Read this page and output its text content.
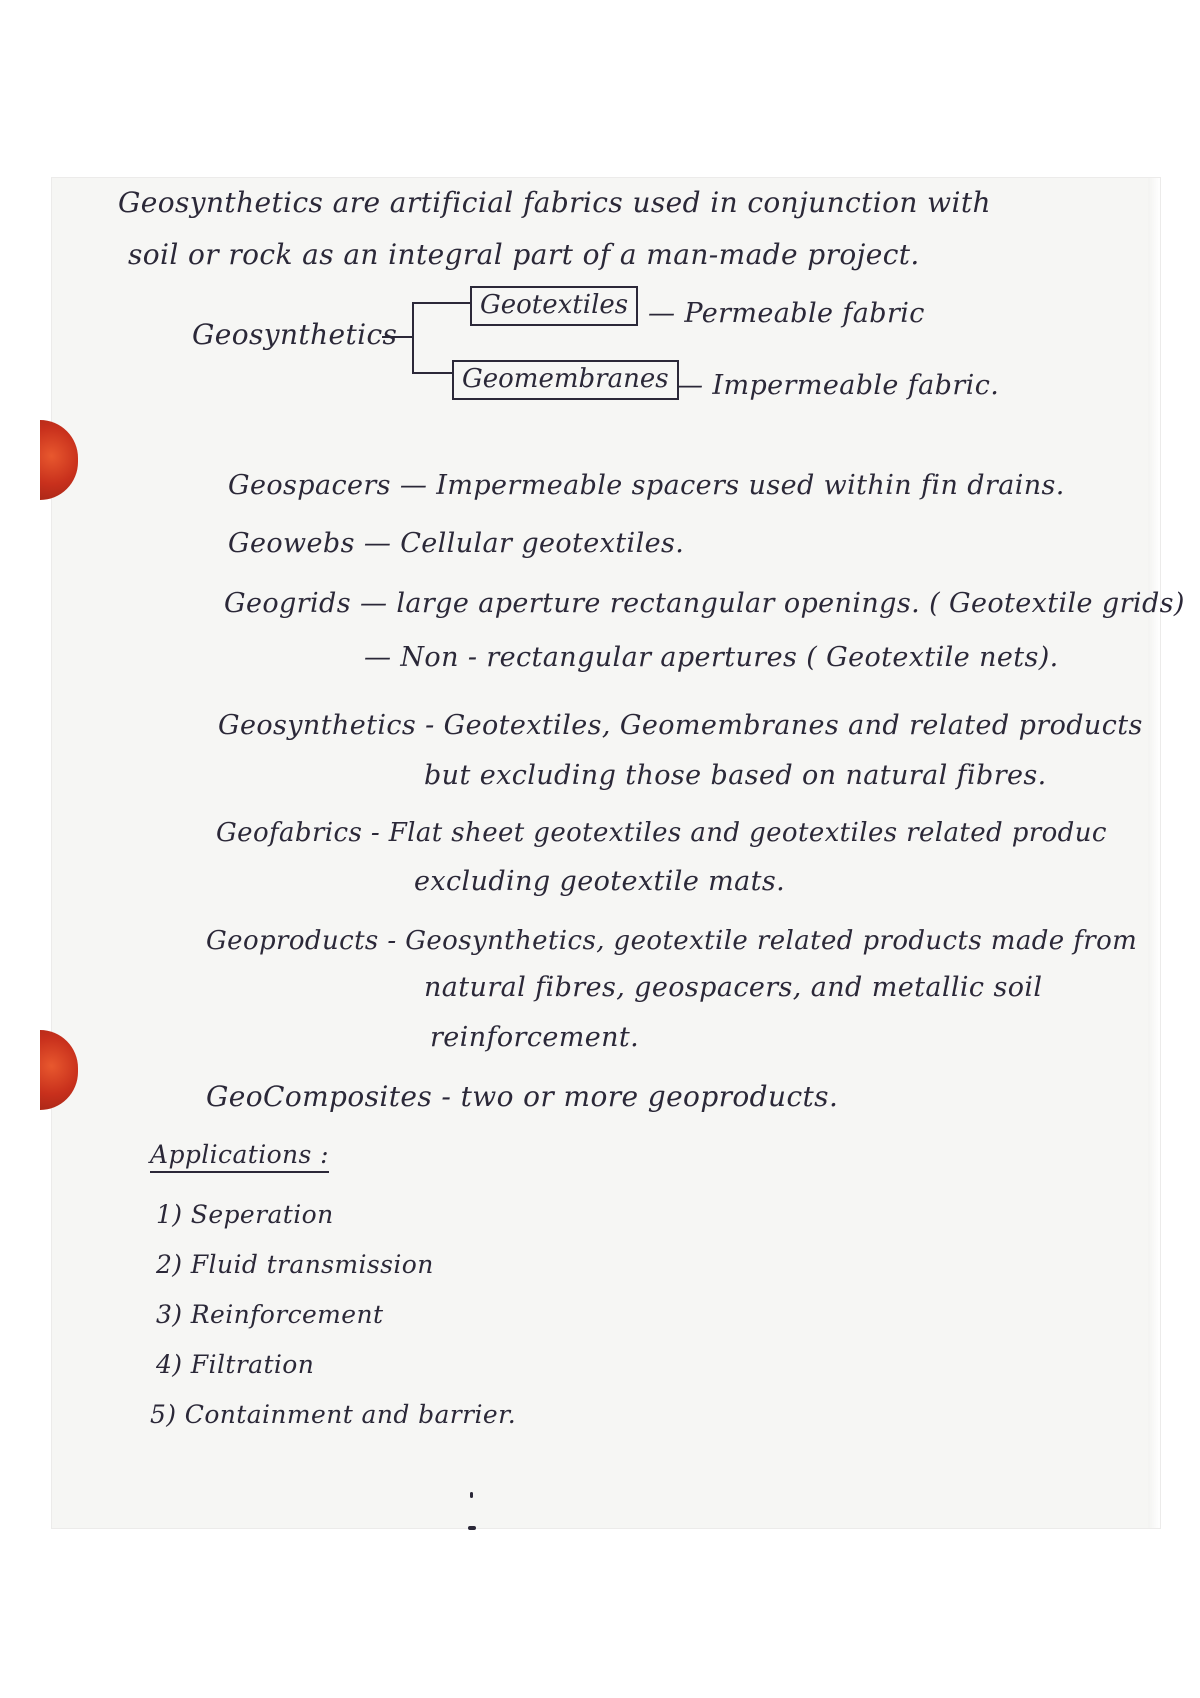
Geosynthetics are artificial fabrics used in conjunction with
soil or rock as an integral part of a man-made project.
Geosynthetics
Geotextiles — Permeable fabric
Geomembranes — Impermeable fabric.
Geospacers — Impermeable spacers used within fin drains.
Geowebs — Cellular geotextiles.
Geogrids — large aperture rectangular openings. ( Geotextile grids)
— Non - rectangular apertures ( Geotextile nets).
Geosynthetics - Geotextiles, Geomembranes and related products
but excluding those based on natural fibres.
Geofabrics - Flat sheet geotextiles and geotextiles related produc
excluding geotextile mats.
Geoproducts - Geosynthetics, geotextile related products made from
natural fibres, geospacers, and metallic soil
reinforcement.
GeoComposites - two or more geoproducts.
Applications :
1) Seperation
2) Fluid transmission
3) Reinforcement
4) Filtration
5) Containment and barrier.
